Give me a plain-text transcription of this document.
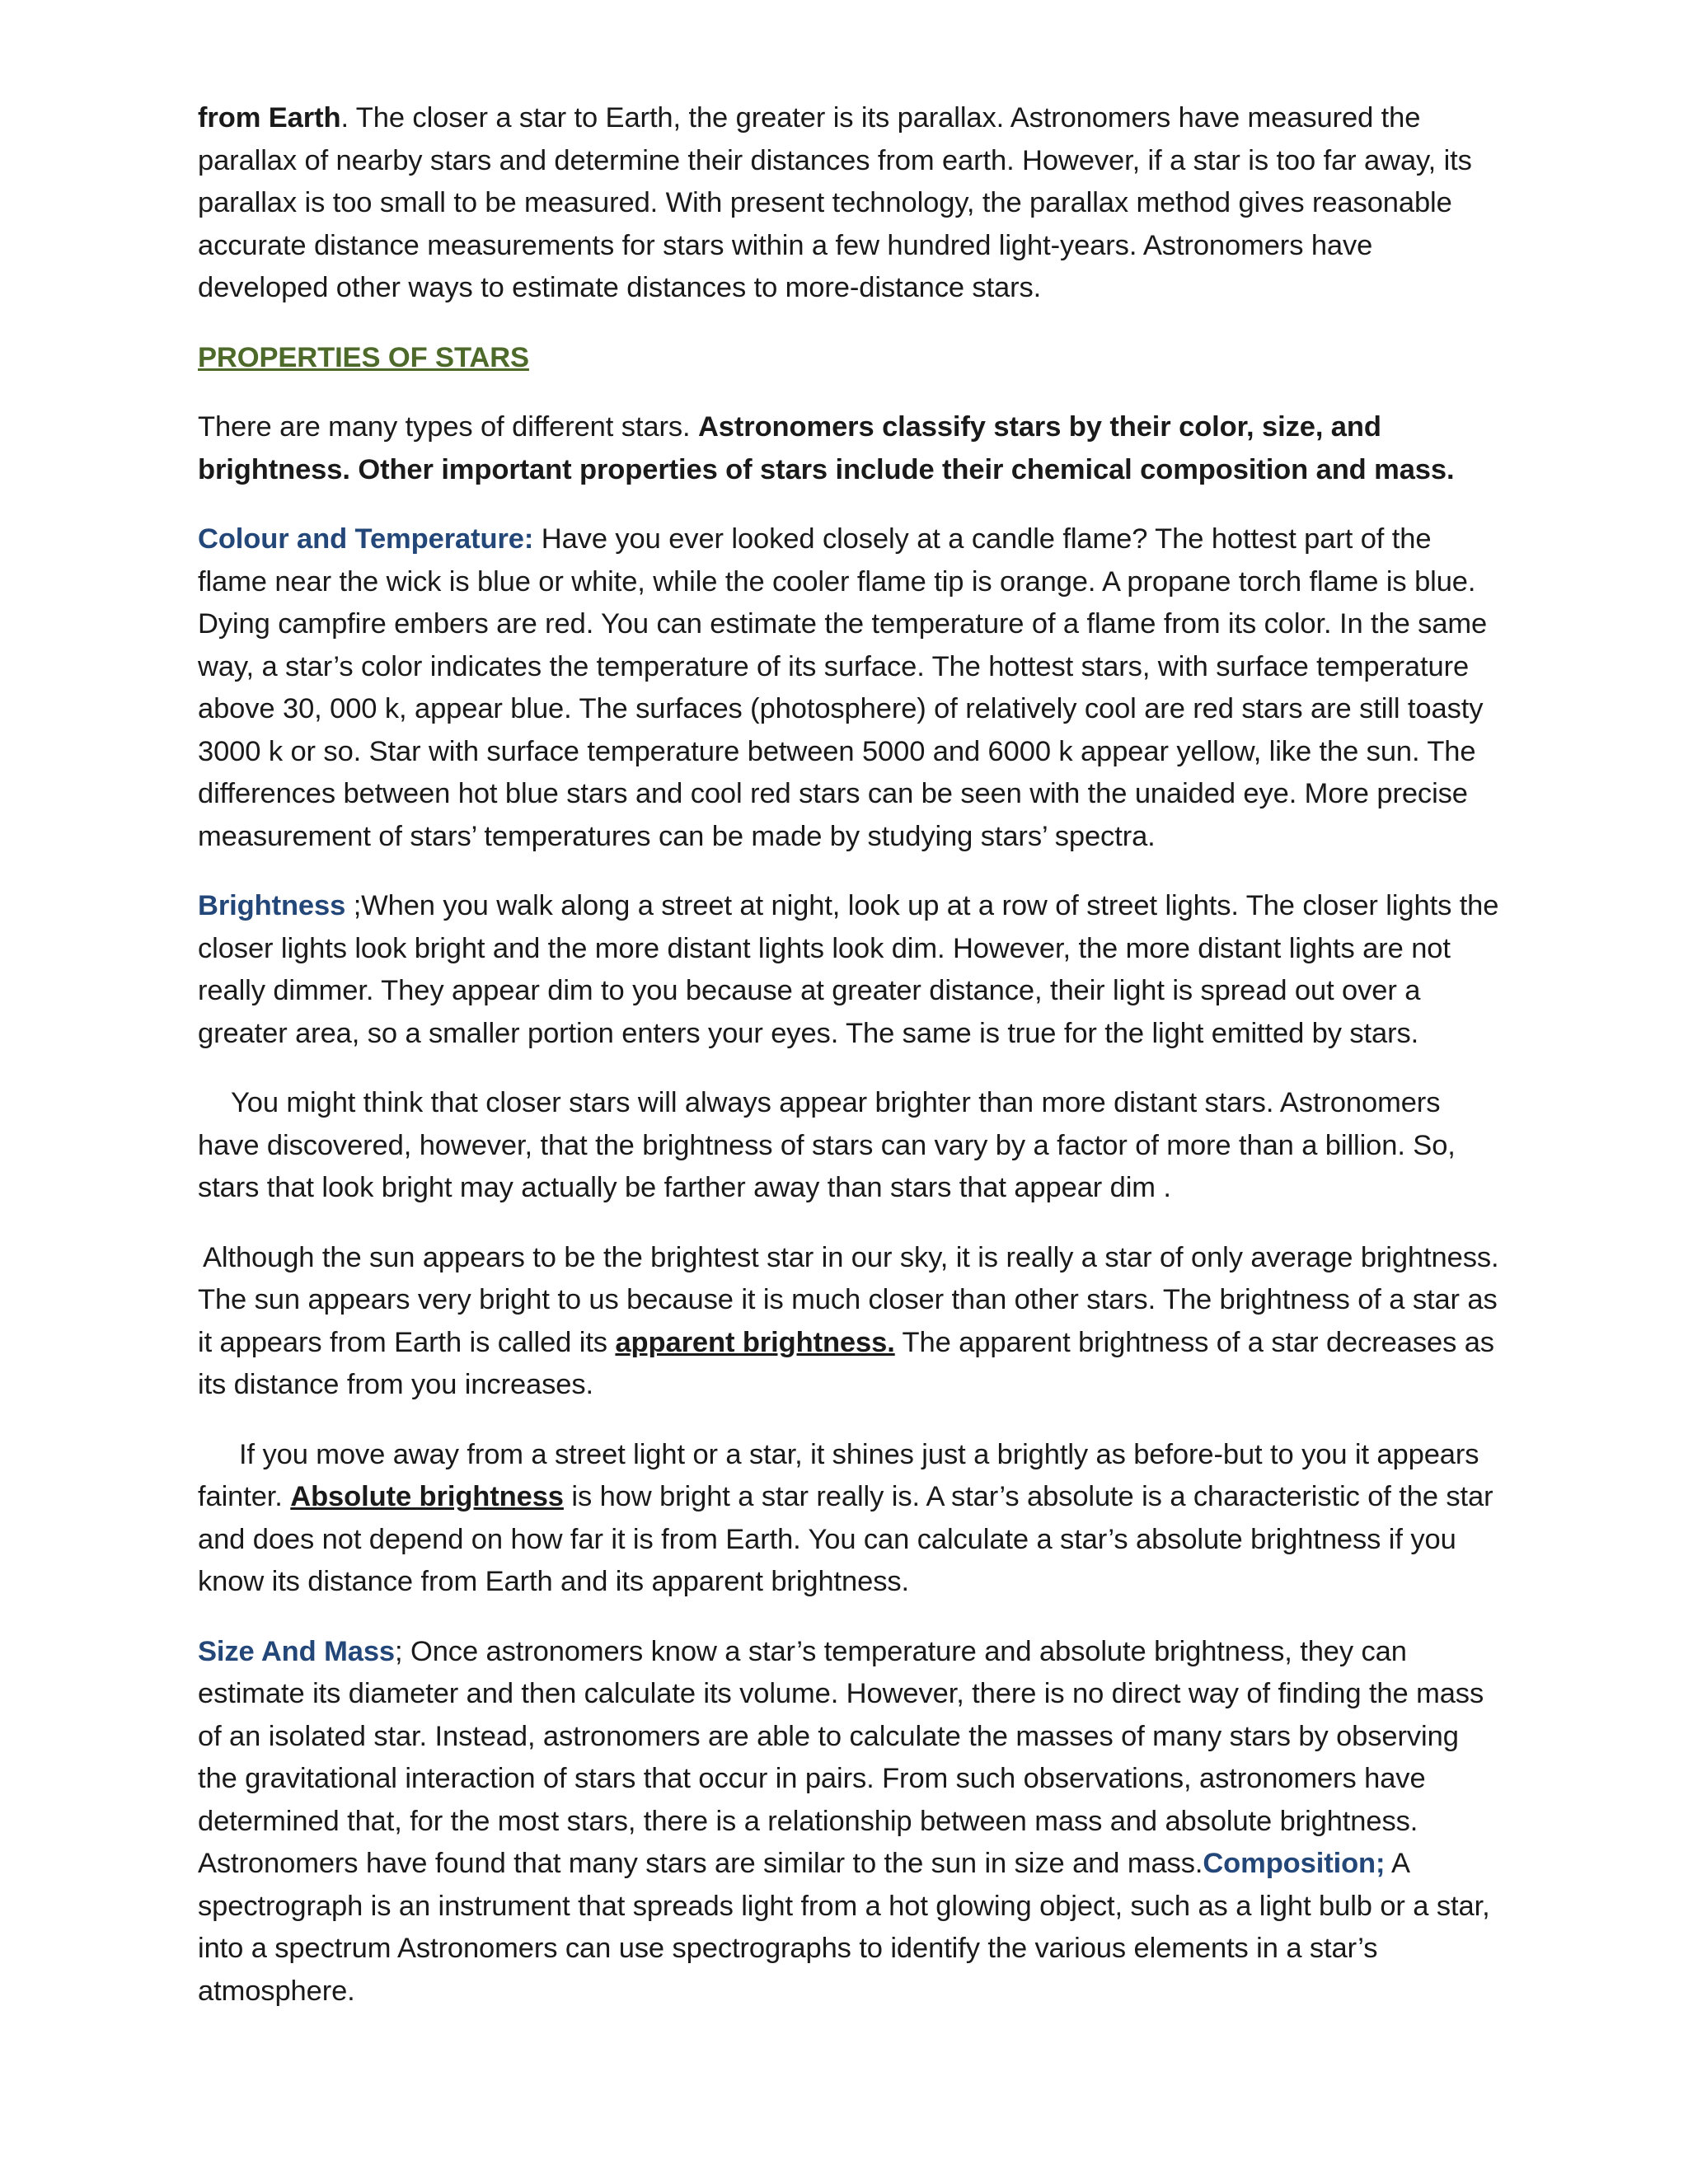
from Earth. The closer a star to Earth, the greater is its parallax. Astronomers have measured the parallax of nearby stars and determine their distances from earth. However, if a star is too far away, its parallax is too small to be measured. With present technology, the parallax method gives reasonable accurate distance measurements for stars within a few hundred light-years. Astronomers have developed other ways to estimate distances to more-distance stars.

PROPERTIES OF STARS

There are many types of different stars. Astronomers classify stars by their color, size, and brightness. Other important properties of stars include their chemical composition and mass.

Colour and Temperature: Have you ever looked closely at a candle flame? The hottest part of the flame near the wick is blue or white, while the cooler flame tip is orange. A propane torch flame is blue. Dying campfire embers are red. You can estimate the temperature of a flame from its color. In the same way, a star’s color indicates the temperature of its surface. The hottest stars, with surface temperature above 30, 000 k, appear blue. The surfaces (photosphere) of relatively cool are red stars are still toasty 3000 k or so. Star with surface temperature between 5000 and 6000 k appear yellow, like the sun. The differences between hot blue stars and cool red stars can be seen with the unaided eye. More precise measurement of stars’ temperatures can be made by studying stars’ spectra.

Brightness ;When you walk along a street at night, look up at a row of street lights. The closer lights the closer lights look bright and the more distant lights look dim. However, the more distant lights are not really dimmer. They appear dim to you because at greater distance, their light is spread out over a greater area, so a smaller portion enters your eyes. The same is true for the light emitted by stars.

You might think that closer stars will always appear brighter than more distant stars. Astronomers have discovered, however, that the brightness of stars can vary by a factor of more than a billion. So, stars that look bright may actually be farther away than stars that appear dim .

Although the sun appears to be the brightest star in our sky, it is really a star of only average brightness. The sun appears very bright to us because it is much closer than other stars. The brightness of a star as it appears from Earth is called its apparent brightness. The apparent brightness of a star decreases as its distance from you increases.

If you move away from a street light or a star, it shines just a brightly as before-but to you it appears fainter. Absolute brightness is how bright a star really is. A star’s absolute is a characteristic of the star and does not depend on how far it is from Earth. You can calculate a star’s absolute brightness if you know its distance from Earth and its apparent brightness.

Size And Mass; Once astronomers know a star’s temperature and absolute brightness, they can estimate its diameter and then calculate its volume. However, there is no direct way of finding the mass of an isolated star. Instead, astronomers are able to calculate the masses of many stars by observing the gravitational interaction of stars that occur in pairs. From such observations, astronomers have determined that, for the most stars, there is a relationship between mass and absolute brightness. Astronomers have found that many stars are similar to the sun in size and mass.Composition; A spectrograph is an instrument that spreads light from a hot glowing object, such as a light bulb or a star, into a spectrum Astronomers can use spectrographs to identify the various elements in a star’s atmosphere.
